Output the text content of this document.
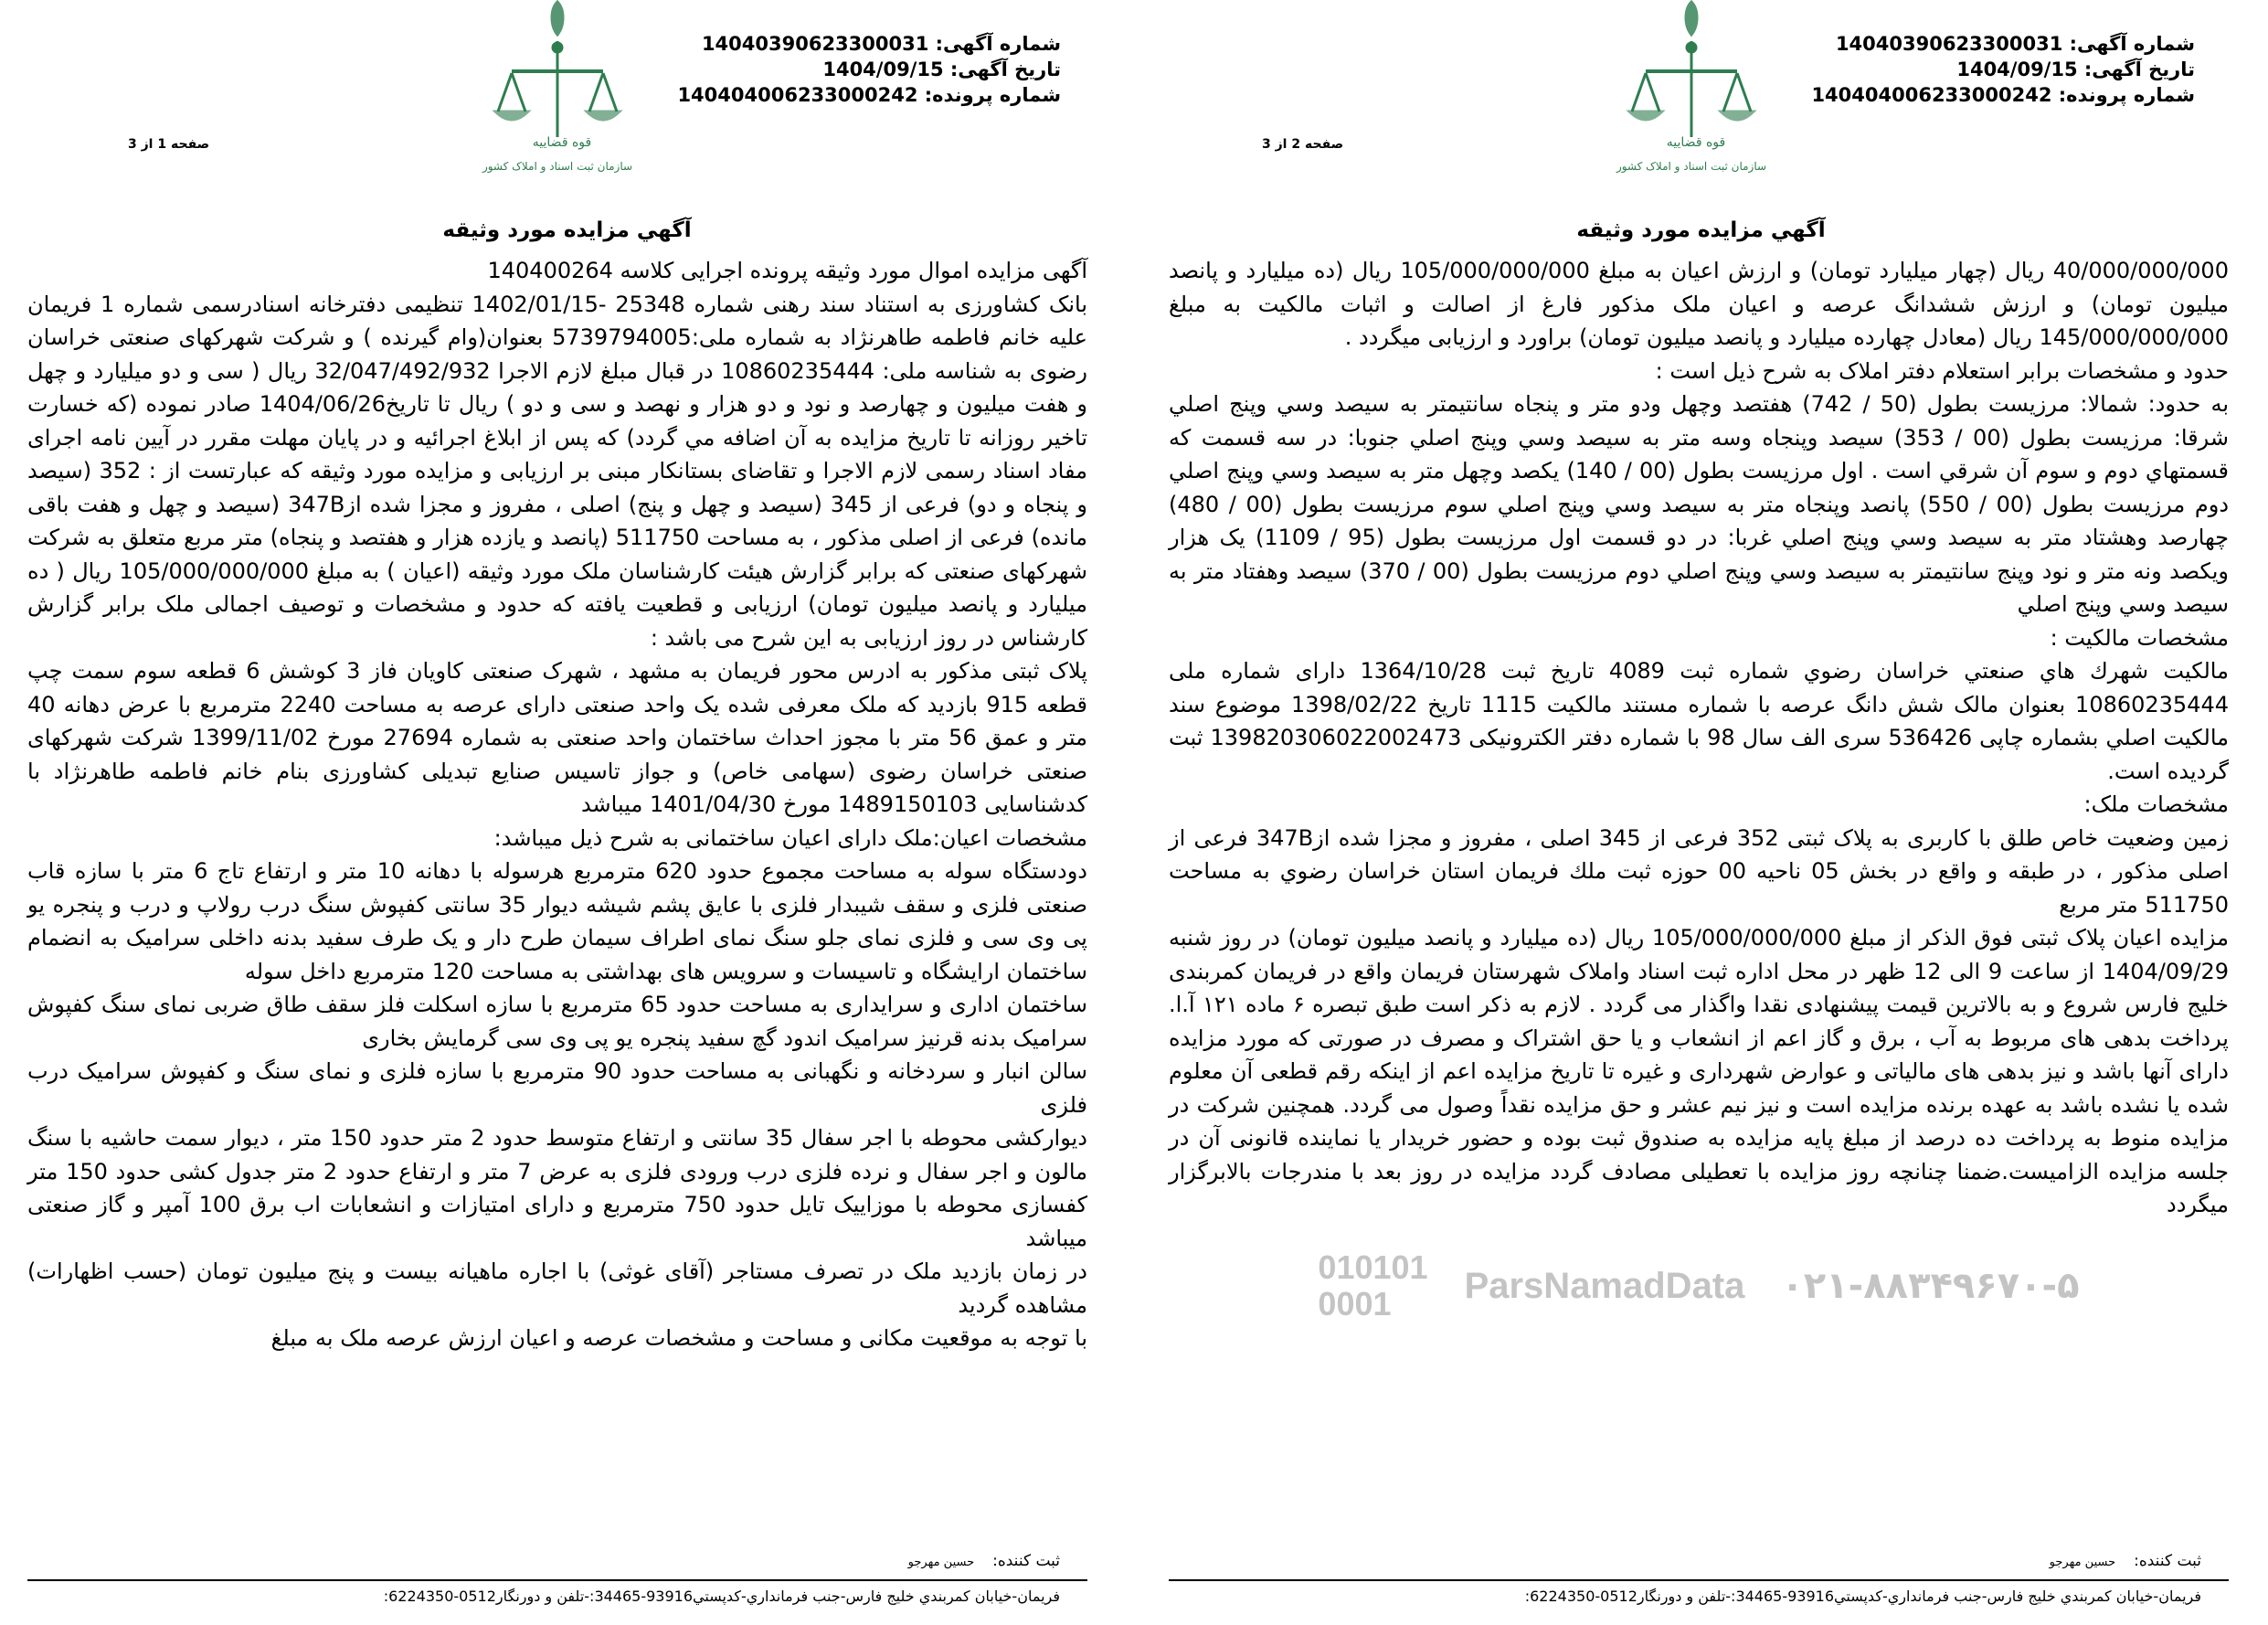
شماره آگهی: 14040390623300031
تاریخ آگهی: 1404/09/15
شماره پرونده: 140404006233000242
قوه قضاییه
سازمان ثبت اسناد و املاک کشور
صفحه 1 از 3
آگهي مزايده مورد وثيقه

آگهی مزایده اموال مورد وثیقه پرونده اجرایی کلاسه 140400264

بانک کشاورزی به استناد سند رهنی شماره 25348 -1402/01/15 تنظیمی دفترخانه اسنادرسمی شماره 1 فریمان علیه خانم فاطمه طاهرنژاد به شماره ملی:5739794005 بعنوان(وام گیرنده ) و شرکت شهرکهای صنعتی خراسان رضوی به شناسه ملی: 10860235444 در قبال مبلغ لازم الاجرا 32/047/492/932 ریال ( سی و دو میلیارد و چهل و هفت میلیون و چهارصد و نود و دو هزار و نهصد و سی و دو ) ریال تا تاریخ1404/06/26 صادر نموده (که خسارت تاخیر روزانه تا تاریخ مزایده به آن اضافه مي گردد) که پس از ابلاغ اجرائیه و در پایان مهلت مقرر در آیین نامه اجرای مفاد اسناد رسمی لازم الاجرا و تقاضای بستانکار مبنی بر ارزیابی و مزایده مورد وثیقه که عبارتست از : 352 (سیصد و پنجاه و دو) فرعی از 345 (سیصد و چهل و پنج) اصلی ، مفروز و مجزا شده از347B (سیصد و چهل و هفت باقی مانده) فرعی از اصلی مذکور ، به مساحت 511750 (پانصد و یازده هزار و هفتصد و پنجاه) متر مربع متعلق به شرکت شهرکهای صنعتی که برابر گزارش هیئت کارشناسان ملک مورد وثیقه (اعیان ) به مبلغ 105/000/000/000 ریال ( ده میلیارد و پانصد میلیون تومان) ارزیابی و قطعیت یافته که حدود و مشخصات و توصیف اجمالی ملک برابر گزارش کارشناس در روز ارزیابی به این شرح می باشد :

پلاک ثبتی مذکور به ادرس محور فریمان به مشهد ، شهرک صنعتی کاویان فاز 3 کوشش 6 قطعه سوم سمت چپ قطعه 915 بازدید که ملک معرفی شده یک واحد صنعتی دارای عرصه به مساحت 2240 مترمربع با عرض دهانه 40 متر و عمق 56 متر با مجوز احداث ساختمان واحد صنعتی به شماره 27694 مورخ 1399/11/02 شرکت شهرکهای صنعتی خراسان رضوی (سهامی خاص) و جواز تاسیس صنایع تبدیلی کشاورزی بنام خانم فاطمه طاهرنژاد با کدشناسایی 1489150103 مورخ 1401/04/30 میباشد

مشخصات اعیان:ملک دارای اعیان ساختمانی به شرح ذیل میباشد:

دودستگاه سوله به مساحت مجموع حدود 620 مترمربع هرسوله با دهانه 10 متر و ارتفاع تاج 6 متر با سازه قاب صنعتی فلزی و سقف شیبدار فلزی با عایق پشم شیشه دیوار 35 سانتی کفپوش سنگ درب رولاپ و درب و پنجره یو پی وی سی و فلزی نمای جلو سنگ نمای اطراف سیمان طرح دار و یک طرف سفید بدنه داخلی سرامیک به انضمام ساختمان ارایشگاه و تاسیسات و سرویس های بهداشتی به مساحت 120 مترمربع داخل سوله

ساختمان اداری و سرایداری به مساحت حدود 65 مترمربع با سازه اسکلت فلز سقف طاق ضربی نمای سنگ کفپوش سرامیک بدنه قرنیز سرامیک اندود گچ سفید پنجره یو پی وی سی گرمایش بخاری

سالن انبار و سردخانه و نگهبانی به مساحت حدود 90 مترمربع با سازه فلزی و نمای سنگ و کفپوش سرامیک درب فلزی

دیوارکشی محوطه با اجر سفال 35 سانتی و ارتفاع متوسط حدود 2 متر حدود 150 متر ، دیوار سمت حاشیه با سنگ مالون و اجر سفال و نرده فلزی درب ورودی فلزی به عرض 7 متر و ارتفاع حدود 2 متر جدول کشی حدود 150 متر کفسازی محوطه با موزاییک تایل حدود 750 مترمربع و دارای امتیازات و انشعابات اب برق 100 آمپر و گاز صنعتی میباشد

در زمان بازدید ملک در تصرف مستاجر (آقای غوثی) با اجاره ماهیانه بیست و پنج میلیون تومان (حسب اظهارات) مشاهده گردید

با توجه به موقعیت مکانی و مساحت و مشخصات عرصه و اعیان ارزش عرصه ملک به مبلغ

ثبت کننده:حسین مهرجو
فریمان-خیابان کمربندي خلیج فارس-جنب فرمانداري-کدپستي93916-34465:-تلفن و دورنگار0512-6224350:
شماره آگهی: 14040390623300031
تاریخ آگهی: 1404/09/15
شماره پرونده: 140404006233000242
قوه قضاییه
سازمان ثبت اسناد و املاک کشور
صفحه 2 از 3
آگهي مزايده مورد وثيقه

40/000/000/000 ریال (چهار میلیارد تومان) و ارزش اعیان به مبلغ 105/000/000/000 ریال (ده میلیارد و پانصد میلیون تومان) و ارزش ششدانگ عرصه و اعیان ملک مذکور فارغ از اصالت و اثبات مالکیت به مبلغ 145/000/000/000 ریال (معادل چهارده میلیارد و پانصد میلیون تومان) براورد و ارزیابی میگردد .

حدود و مشخصات برابر استعلام دفتر املاک به شرح ذیل است :

به حدود: شمالا: مرزیست بطول (50 / 742) هفتصد وچهل ودو متر و پنجاه سانتیمتر به سیصد وسي وپنج اصلي شرقا: مرزیست بطول (00 / 353) سیصد وپنجاه وسه متر به سیصد وسي وپنج اصلي جنوبا: در سه قسمت که قسمتهاي دوم و سوم آن شرقي است . اول مرزیست بطول (00 / 140) یکصد وچهل متر به سیصد وسي وپنج اصلي دوم مرزیست بطول (00 / 550) پانصد وپنجاه متر به سیصد وسي وپنج اصلي سوم مرزیست بطول (00 / 480) چهارصد وهشتاد متر به سیصد وسي وپنج اصلي غربا: در دو قسمت اول مرزیست بطول (95 / 1109) یک هزار ویکصد ونه متر و نود وپنج سانتیمتر به سیصد وسي وپنج اصلي دوم مرزیست بطول (00 / 370) سیصد وهفتاد متر به سیصد وسي وپنج اصلي

مشخصات مالکیت :

مالکیت شهرك هاي صنعتي خراسان رضوي شماره ثبت 4089 تاریخ ثبت 1364/10/28 دارای شماره ملی 10860235444 بعنوان مالک شش دانگ عرصه با شماره مستند مالکیت 1115 تاریخ 1398/02/22 موضوع سند مالکیت اصلي بشماره چاپی 536426 سری الف سال 98 با شماره دفتر الکترونیکی 139820306022002473 ثبت گردیده است.

مشخصات ملک:

زمین وضعیت خاص طلق با کاربری به پلاک ثبتی 352 فرعی از 345 اصلی ، مفروز و مجزا شده از347B فرعی از اصلی مذکور ، در طبقه و واقع در بخش 05 ناحیه 00 حوزه ثبت ملك فریمان استان خراسان رضوي به مساحت 511750 متر مربع

مزایده اعیان پلاک ثبتی فوق الذکر از مبلغ 105/000/000/000 ریال (ده میلیارد و پانصد میلیون تومان) در روز شنبه 1404/09/29 از ساعت 9 الی 12 ظهر در محل اداره ثبت اسناد واملاک شهرستان فریمان واقع در فریمان کمربندی خلیج فارس شروع و به بالاترین قیمت پیشنهادی نقدا واگذار می گردد . لازم به ذکر است طبق تبصره ۶ ماده ۱۲۱ آ.ا. پرداخت بدهی های مربوط به آب ، برق و گاز اعم از انشعاب و یا حق اشتراک و مصرف در صورتی که مورد مزایده دارای آنها باشد و نیز بدهی های مالیاتی و عوارض شهرداری و غیره تا تاریخ مزایده اعم از اینکه رقم قطعی آن معلوم شده یا نشده باشد به عهده برنده مزایده است و نیز نیم عشر و حق مزایده نقداً وصول می گردد. همچنین شرکت در مزایده منوط به پرداخت ده درصد از مبلغ پایه مزایده به صندوق ثبت بوده و حضور خریدار یا نماینده قانونی آن در جلسه مزایده الزامیست.ضمنا چنانچه روز مزایده با تعطیلی مصادف گردد مزایده در روز بعد با مندرجات بالابرگزار میگردد

010101
0001	ParsNamadData ۰۲۱-۸۸۳۴۹۶۷۰-۵
ثبت کننده:حسین مهرجو
فریمان-خیابان کمربندي خلیج فارس-جنب فرمانداري-کدپستي93916-34465:-تلفن و دورنگار0512-6224350:
